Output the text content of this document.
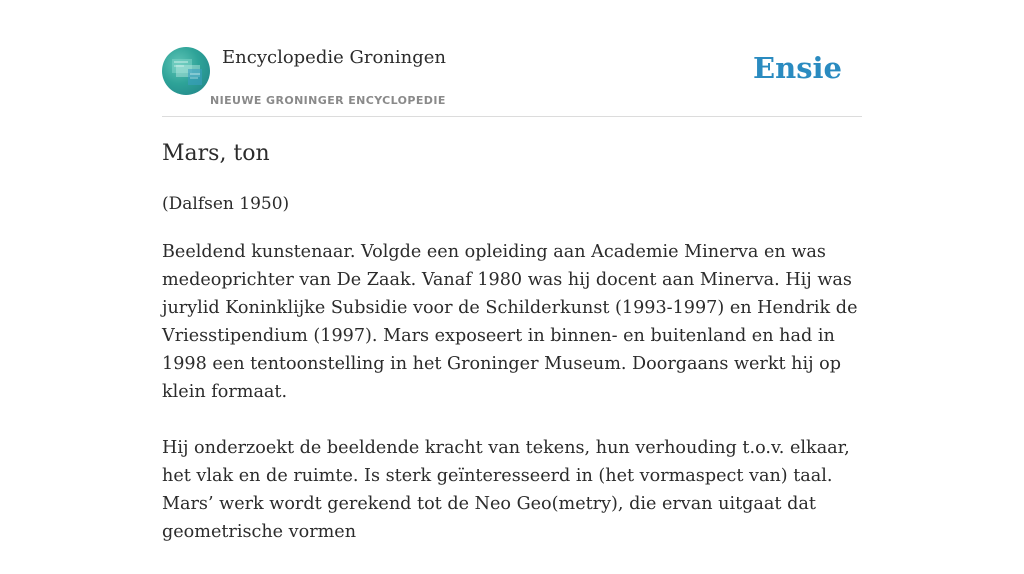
Encyclopedie Groningen
NIEUWE GRONINGER ENCYCLOPEDIE
Ensie
Mars, ton
(Dalfsen 1950)

Beeldend kunstenaar. Volgde een opleiding aan Academie Minerva en was medeoprichter van De Zaak. Vanaf 1980 was hij docent aan Minerva. Hij was jurylid Koninklijke Subsidie voor de Schilderkunst (1993-1997) en Hendrik de Vriesstipendium (1997). Mars exposeert in binnen- en buitenland en had in 1998 een tentoonstelling in het Groninger Museum. Doorgaans werkt hij op klein formaat.

Hij onderzoekt de beeldende kracht van tekens, hun verhouding t.o.v. elkaar, het vlak en de ruimte. Is sterk geïnteresseerd in (het vormaspect van) taal. Mars’ werk wordt gerekend tot de Neo Geo(metry), die ervan uitgaat dat geometrische vormen
